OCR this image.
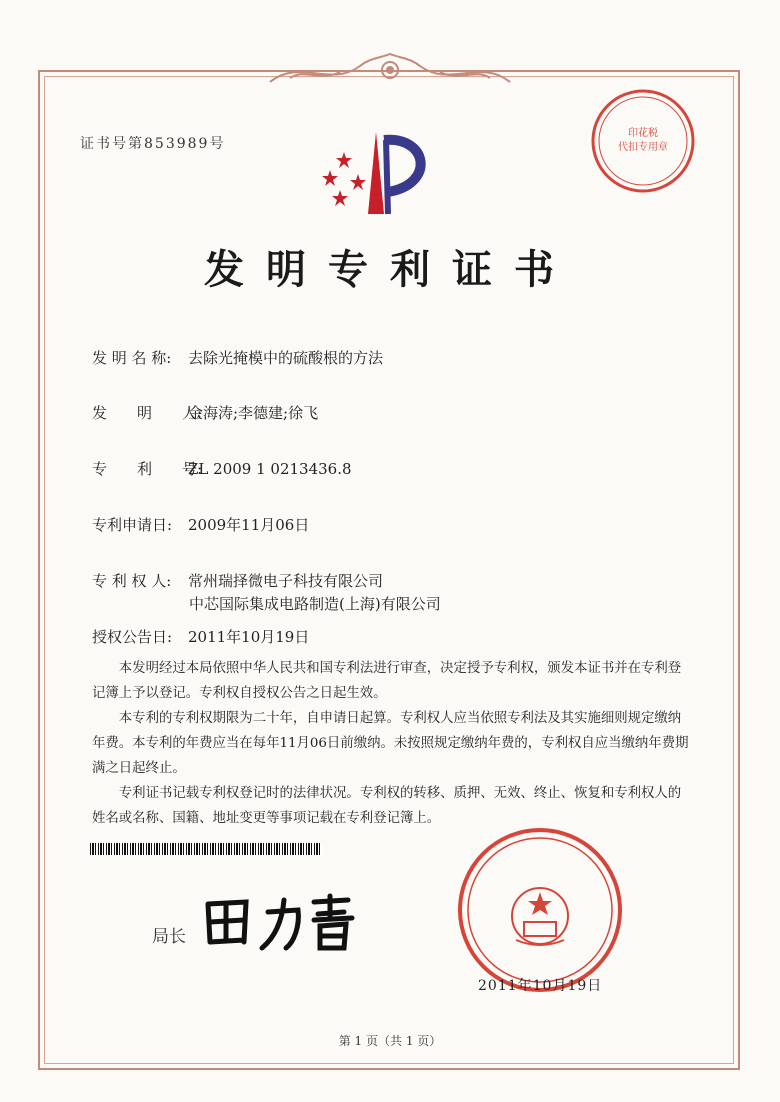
证书号第853989号
印花税
代扣专用章
发明专利证书
发 明 名 称: 去除光掩模中的硫酸根的方法
发　　明　　人:金海涛;李德建;徐飞
专　　利　　号:ZL 2009 1 0213436.8
专利申请日: 2009年11月06日
专 利 权 人: 常州瑞择微电子科技有限公司
中芯国际集成电路制造(上海)有限公司
授权公告日: 2011年10月19日

本发明经过本局依照中华人民共和国专利法进行审查，决定授予专利权，颁发本证书并在专利登记簿上予以登记。专利权自授权公告之日起生效。

本专利的专利权期限为二十年，自申请日起算。专利权人应当依照专利法及其实施细则规定缴纳年费。本专利的年费应当在每年11月06日前缴纳。未按照规定缴纳年费的，专利权自应当缴纳年费期满之日起终止。

专利证书记载专利权登记时的法律状况。专利权的转移、质押、无效、终止、恢复和专利权人的姓名或名称、国籍、地址变更等事项记载在专利登记簿上。

局长
2011年10月19日
第 1 页（共 1 页）
